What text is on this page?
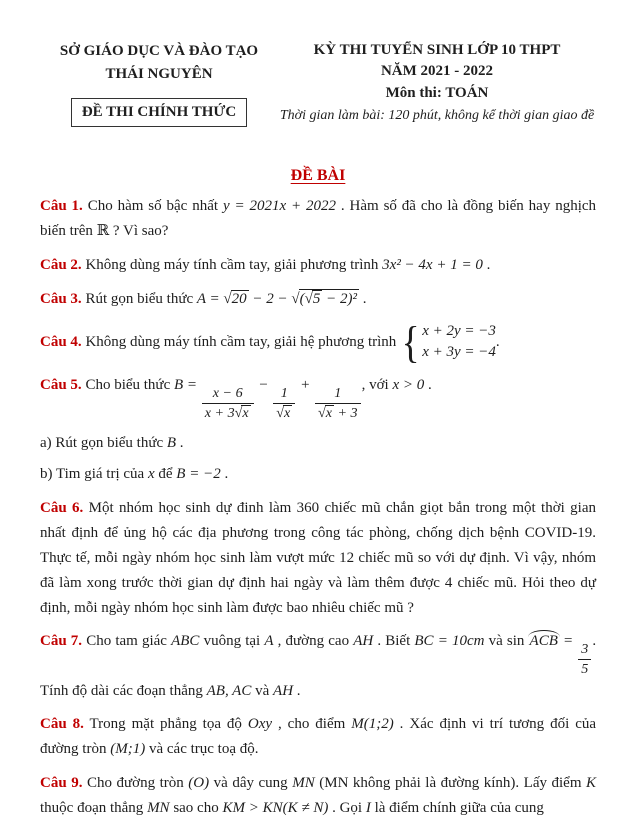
SỞ GIÁO DỤC VÀ ĐÀO TẠO
THÁI NGUYÊN
ĐỀ THI CHÍNH THỨC
KỲ THI TUYỂN SINH LỚP 10 THPT
NĂM 2021 - 2022
Môn thi: TOÁN
Thời gian làm bài: 120 phút, không kể thời gian giao đề
ĐỀ BÀI

Câu 1. Cho hàm số bậc nhất y = 2021x + 2022 . Hàm số đã cho là đồng biến hay nghịch biến trên ℝ ? Vì sao?

Câu 2. Không dùng máy tính cầm tay, giải phương trình 3x² − 4x + 1 = 0 .

Câu 3. Rút gọn biểu thức A = √ 20 − 2 − √ ( √ 5 − 2)² .

Câu 4. Không dùng máy tính cầm tay, giải hệ phương trình { x + 2y = −3
x + 3y = −4
.

Câu 5. Cho biểu thức $B = \frac{x - 6}{x + 3 √ x} - \frac{1}{√ x} + \frac{1}{√ x + 3}$ , với x > 0 .

a) Rút gọn biểu thức B .

b) Tim giá trị của x để B = −2 .

Câu 6. Một nhóm học sinh dự đinh làm 360 chiếc mũ chắn giọt bắn trong một thời gian nhất định để ủng hộ các địa phương trong công tác phòng, chống dịch bệnh COVID-19. Thực tế, mỗi ngày nhóm học sinh làm vượt mức 12 chiếc mũ so với dự định. Vì vậy, nhóm đã làm xong trước thời gian dự định hai ngày và làm thêm được 4 chiếc mũ. Hỏi theo dự định, mỗi ngày nhóm học sinh làm được bao nhiêu chiếc mũ ?

Câu 7. Cho tam giác ABC vuông tại A , đường cao AH . Biết BC = 10cm và sin ACB = $\frac{3}{5}$ . Tính độ dài các đoạn thẳng AB, AC và AH .

Câu 8. Trong mặt phẳng tọa độ Oxy , cho điểm M(1;2) . Xác định vi trí tương đối của đường tròn (M;1) và các trục toạ độ.

Câu 9. Cho đường tròn (O) và dây cung MN (MN không phải là đường kính). Lấy điểm K thuộc đoạn thẳng MN sao cho KM > KN(K ≠ N) . Gọi I là điểm chính giữa của cung
